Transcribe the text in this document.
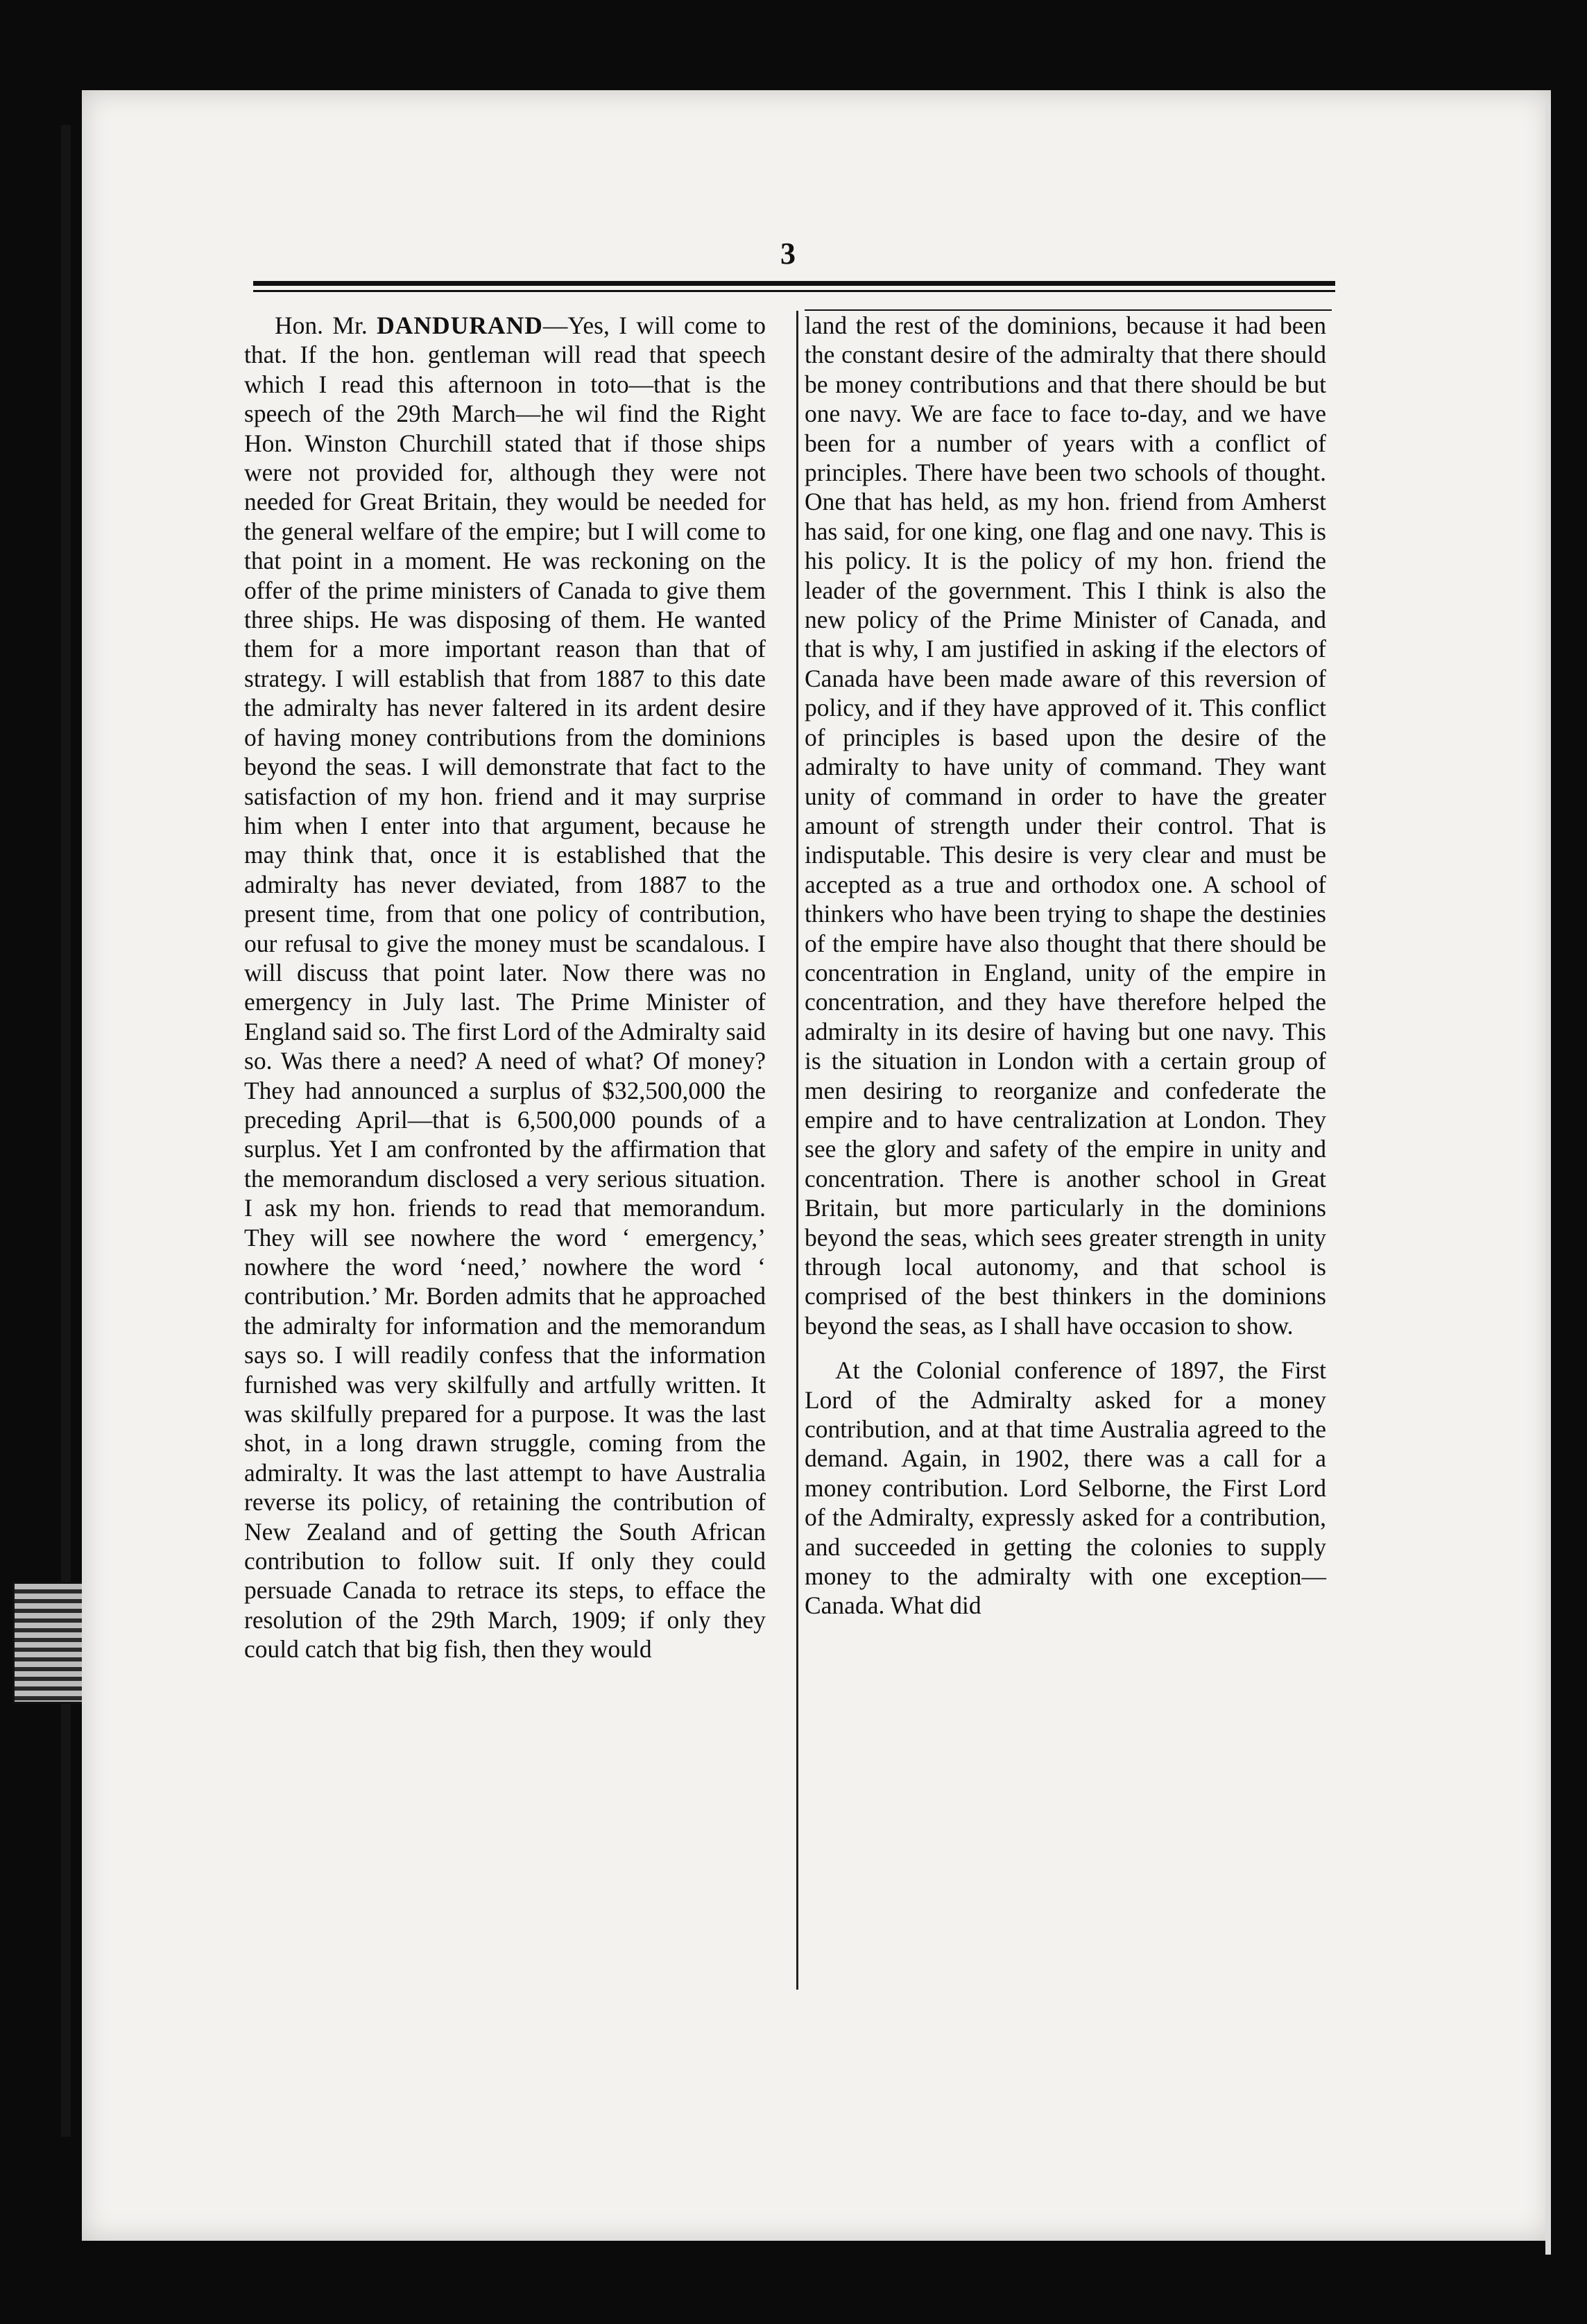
3

Hon. Mr. DANDURAND—Yes, I will come to that. If the hon. gentleman will read that speech which I read this afternoon in toto—that is the speech of the 29th March—he wil find the Right Hon. Winston Churchill stated that if those ships were not provided for, although they were not needed for Great Britain, they would be needed for the general welfare of the empire; but I will come to that point in a moment. He was reckoning on the offer of the prime ministers of Canada to give them three ships. He was disposing of them. He wanted them for a more important reason than that of strategy. I will establish that from 1887 to this date the admiralty has never faltered in its ardent desire of having money contributions from the dominions beyond the seas. I will demonstrate that fact to the satisfaction of my hon. friend and it may surprise him when I enter into that argument, because he may think that, once it is established that the admiralty has never deviated, from 1887 to the present time, from that one policy of contribution, our refusal to give the money must be scandalous. I will discuss that point later. Now there was no emergency in July last. The Prime Minister of England said so. The first Lord of the Admiralty said so. Was there a need? A need of what? Of money? They had announced a surplus of $32,500,000 the preceding April—that is 6,500,000 pounds of a surplus. Yet I am confronted by the affirmation that the memorandum disclosed a very serious situation. I ask my hon. friends to read that memorandum. They will see nowhere the word ‘ emergency,’ nowhere the word ‘need,’ nowhere the word ‘ contribution.’ Mr. Borden admits that he approached the admiralty for information and the memorandum says so. I will readily confess that the information furnished was very skilfully and artfully written. It was skilfully prepared for a purpose. It was the last shot, in a long drawn struggle, coming from the admiralty. It was the last attempt to have Australia reverse its policy, of retaining the contribution of New Zealand and of getting the South African contribution to follow suit. If only they could persuade Canada to retrace its steps, to efface the resolution of the 29th March, 1909; if only they could catch that big fish, then they would

land the rest of the dominions, because it had been the constant desire of the admiralty that there should be money contributions and that there should be but one navy. We are face to face to-day, and we have been for a number of years with a conflict of principles. There have been two schools of thought. One that has held, as my hon. friend from Amherst has said, for one king, one flag and one navy. This is his policy. It is the policy of my hon. friend the leader of the government. This I think is also the new policy of the Prime Minister of Canada, and that is why, I am justified in asking if the electors of Canada have been made aware of this reversion of policy, and if they have approved of it. This conflict of principles is based upon the desire of the admiralty to have unity of command. They want unity of command in order to have the greater amount of strength under their control. That is indisputable. This desire is very clear and must be accepted as a true and orthodox one. A school of thinkers who have been trying to shape the destinies of the empire have also thought that there should be concentration in England, unity of the empire in concentration, and they have therefore helped the admiralty in its desire of having but one navy. This is the situation in London with a certain group of men desiring to reorganize and confederate the empire and to have centralization at London. They see the glory and safety of the empire in unity and concentration. There is another school in Great Britain, but more particularly in the dominions beyond the seas, which sees greater strength in unity through local autonomy, and that school is comprised of the best thinkers in the dominions beyond the seas, as I shall have occasion to show.

At the Colonial conference of 1897, the First Lord of the Admiralty asked for a money contribution, and at that time Australia agreed to the demand. Again, in 1902, there was a call for a money contribution. Lord Selborne, the First Lord of the Admiralty, expressly asked for a contribution, and succeeded in getting the colonies to supply money to the admiralty with one exception—Canada. What did
